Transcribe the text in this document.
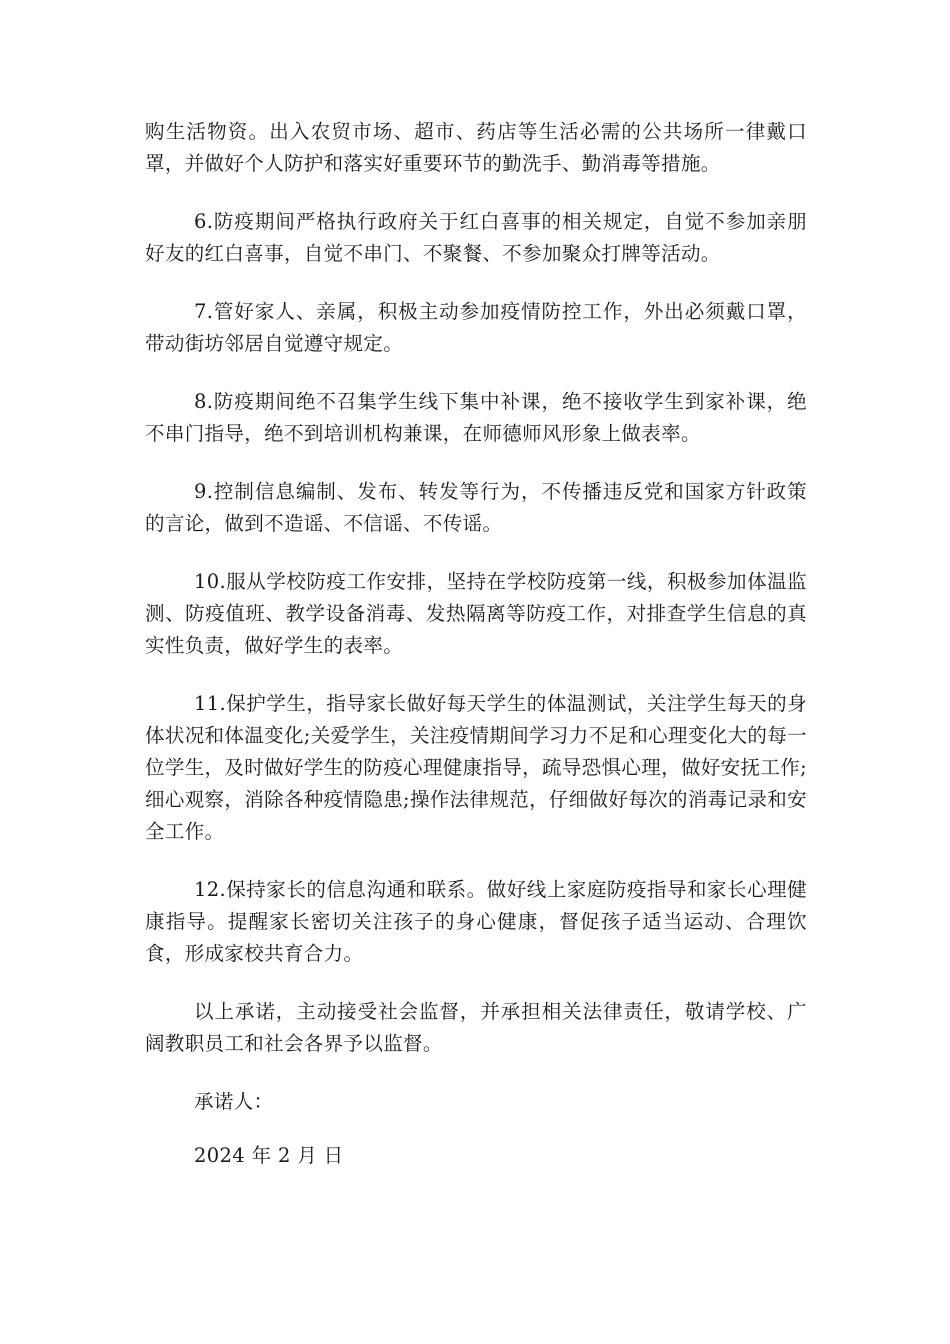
购生活物资。出入农贸市场、超市、药店等生活必需的公共场所一律戴口罩，并做好个人防护和落实好重要环节的勤洗手、勤消毒等措施。

6.防疫期间严格执行政府关于红白喜事的相关规定，自觉不参加亲朋好友的红白喜事，自觉不串门、不聚餐、不参加聚众打牌等活动。

7.管好家人、亲属，积极主动参加疫情防控工作，外出必须戴口罩，带动街坊邻居自觉遵守规定。

8.防疫期间绝不召集学生线下集中补课，绝不接收学生到家补课，绝不串门指导，绝不到培训机构兼课，在师德师风形象上做表率。

9.控制信息编制、发布、转发等行为，不传播违反党和国家方针政策的言论，做到不造谣、不信谣、不传谣。

10.服从学校防疫工作安排，坚持在学校防疫第一线，积极参加体温监测、防疫值班、教学设备消毒、发热隔离等防疫工作，对排查学生信息的真实性负责，做好学生的表率。

11.保护学生，指导家长做好每天学生的体温测试，关注学生每天的身体状况和体温变化;关爱学生，关注疫情期间学习力不足和心理变化大的每一位学生，及时做好学生的防疫心理健康指导，疏导恐惧心理，做好安抚工作;细心观察，消除各种疫情隐患;操作法律规范，仔细做好每次的消毒记录和安全工作。

12.保持家长的信息沟通和联系。做好线上家庭防疫指导和家长心理健康指导。提醒家长密切关注孩子的身心健康，督促孩子适当运动、合理饮食，形成家校共育合力。

以上承诺，主动接受社会监督，并承担相关法律责任，敬请学校、广阔教职员工和社会各界予以监督。

承诺人：

2024 年 2 月 日
